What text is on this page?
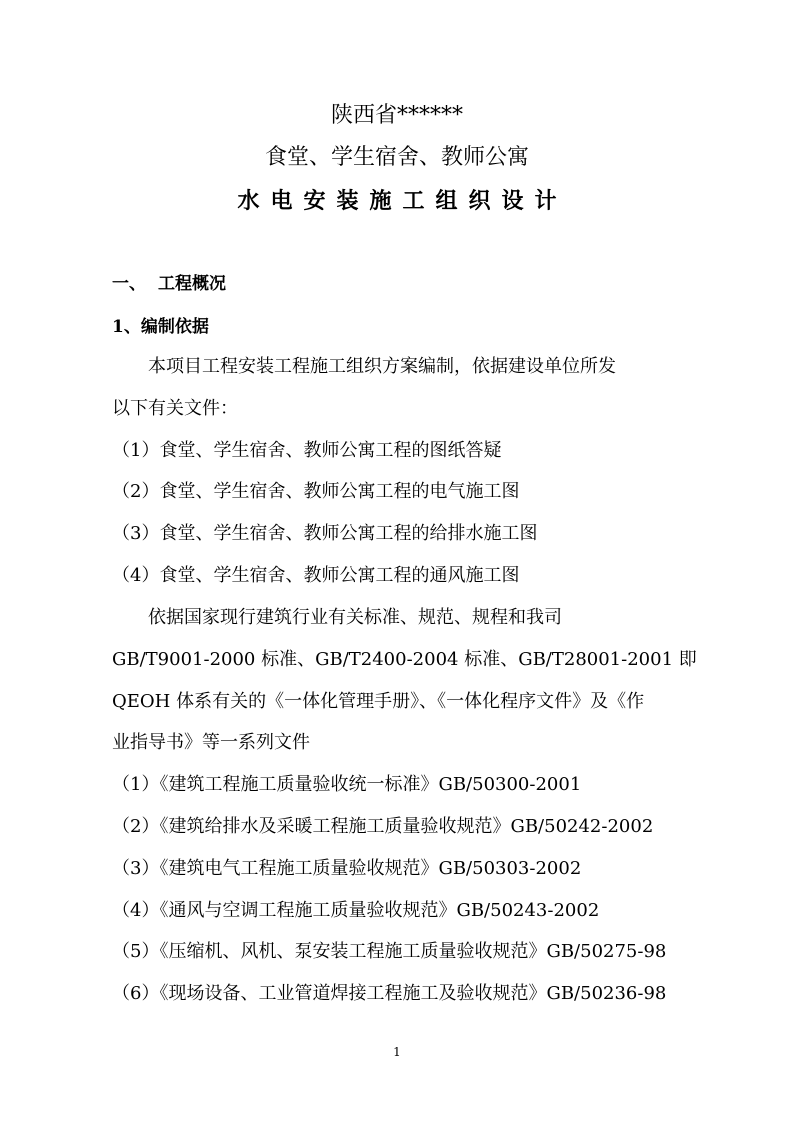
陕西省******
食堂、学生宿舍、教师公寓
水电安装施工组织设计
一、 工程概况
1、编制依据
本项目工程安装工程施工组织方案编制，依据建设单位所发
以下有关文件：
（1）食堂、学生宿舍、教师公寓工程的图纸答疑
（2）食堂、学生宿舍、教师公寓工程的电气施工图
（3）食堂、学生宿舍、教师公寓工程的给排水施工图
（4）食堂、学生宿舍、教师公寓工程的通风施工图
依据国家现行建筑行业有关标准、规范、规程和我司
GB/T9001-2000 标准、GB/T2400-2004 标准、GB/T28001-2001 即
QEOH 体系有关的《一体化管理手册》、《一体化程序文件》及《作
业指导书》等一系列文件
（1）《建筑工程施工质量验收统一标准》GB/50300-2001
（2）《建筑给排水及采暖工程施工质量验收规范》GB/50242-2002
（3）《建筑电气工程施工质量验收规范》GB/50303-2002
（4）《通风与空调工程施工质量验收规范》GB/50243-2002
（5）《压缩机、风机、泵安装工程施工质量验收规范》GB/50275-98
（6）《现场设备、工业管道焊接工程施工及验收规范》GB/50236-98
1
